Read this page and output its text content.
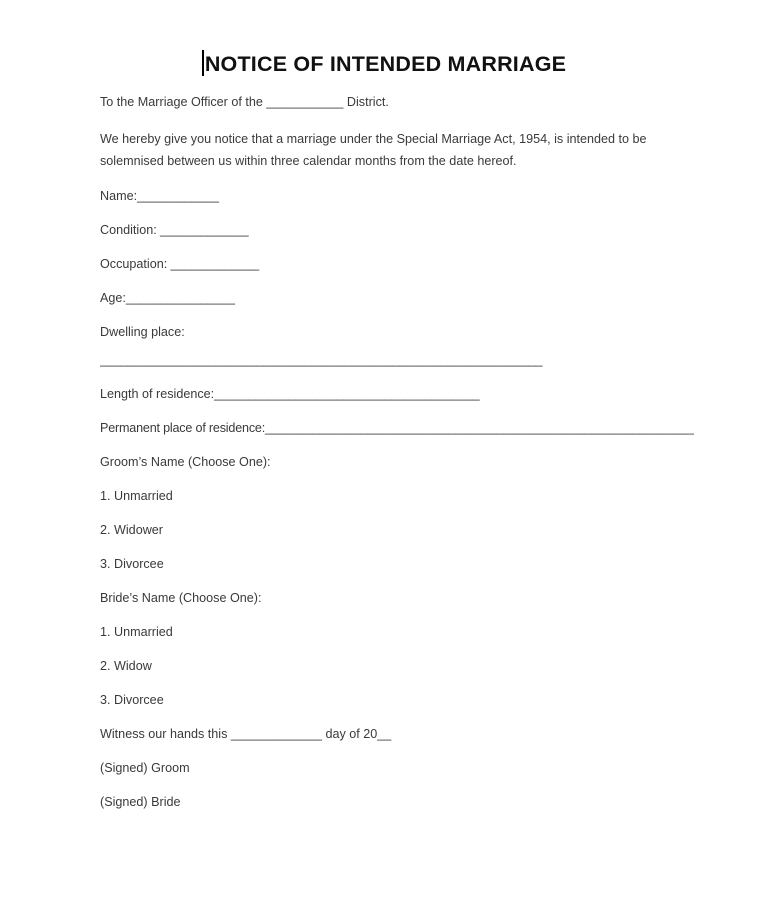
NOTICE OF INTENDED MARRIAGE

To the Marriage Officer of the ___________ District.

We hereby give you notice that a marriage under the Special Marriage Act, 1954, is intended to be solemnised between us within three calendar months from the date hereof.

Name:____________

Condition: _____________

Occupation: _____________

Age:________________

Dwelling place:

_________________________________________________________________

Length of residence:_______________________________________

Permanent place of residence:_______________________________________________________________

Groom’s Name (Choose One):

1. Unmarried

2. Widower

3. Divorcee

Bride’s Name (Choose One):

1. Unmarried

2. Widow

3. Divorcee

Witness our hands this _____________ day of 20__

(Signed) Groom

(Signed) Bride
